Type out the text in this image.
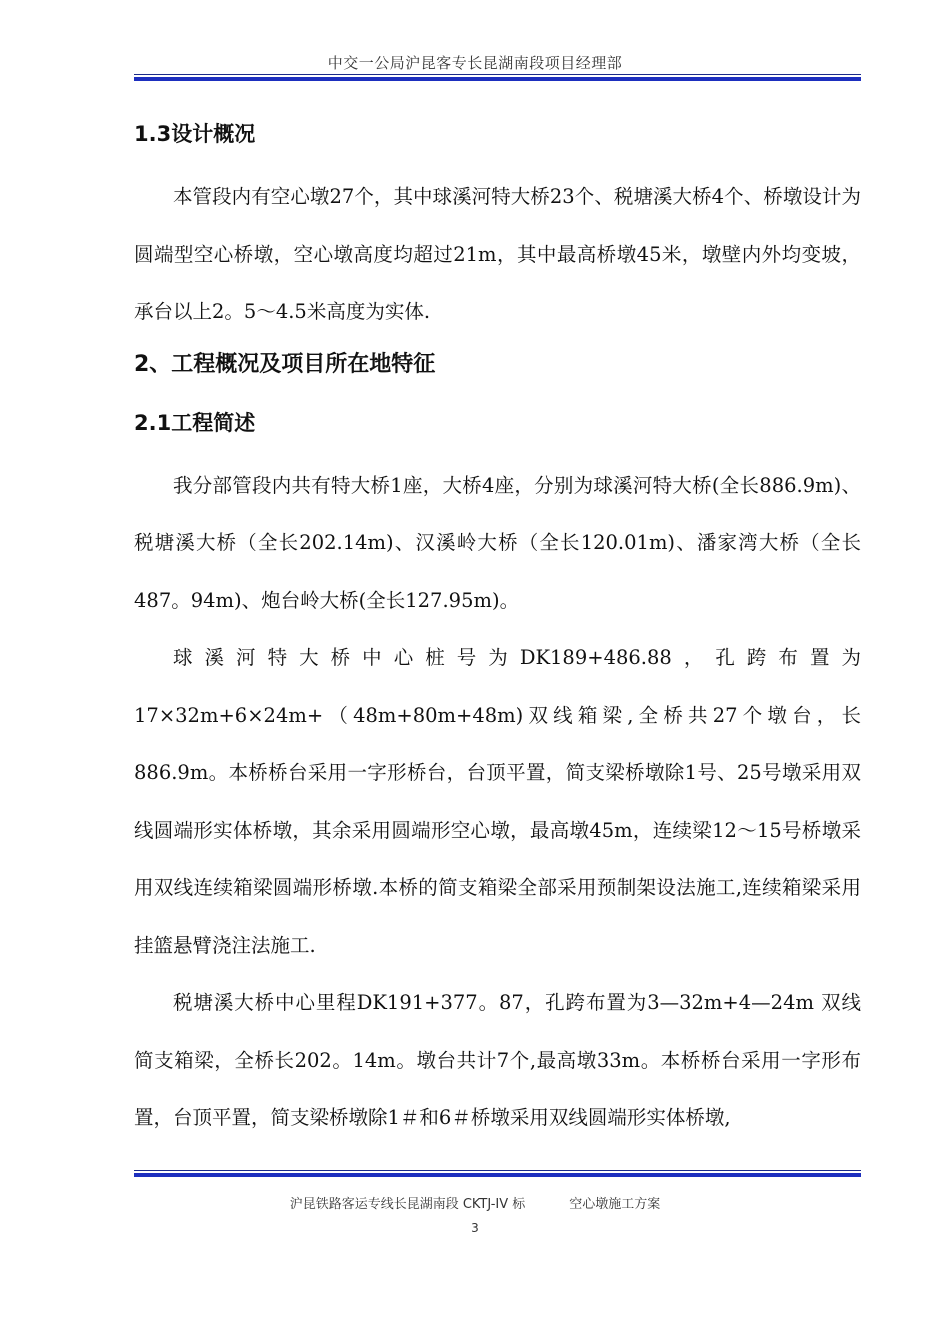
中交一公局沪昆客专长昆湖南段项目经理部
1.3设计概况

本管段内有空心墩27个，其中球溪河特大桥23个、税塘溪大桥4个、桥墩设计为圆端型空心桥墩，空心墩高度均超过21m，其中最高桥墩45米，墩壁内外均变坡，承台以上2。5～4.5米高度为实体.

2、工程概况及项目所在地特征
2.1工程简述

我分部管段内共有特大桥1座，大桥4座，分别为球溪河特大桥(全长886.9m)、税塘溪大桥（全长202.14m)、汉溪岭大桥（全长120.01m)、潘家湾大桥（全长487。94m)、炮台岭大桥(全长127.95m)。

球溪河特大桥中心桩号为DK189+486.88，孔跨布置为17×32m+6×24m+（48m+80m+48m)双线箱梁,全桥共27个墩台，长886.9m。本桥桥台采用一字形桥台，台顶平置，简支梁桥墩除1号、25号墩采用双线圆端形实体桥墩，其余采用圆端形空心墩，最高墩45m，连续梁12～15号桥墩采用双线连续箱梁圆端形桥墩.本桥的简支箱梁全部采用预制架设法施工,连续箱梁采用挂篮悬臂浇注法施工.

税塘溪大桥中心里程DK191+377。87，孔跨布置为3—32m+4—24m 双线简支箱梁，全桥长202。14m。墩台共计7个,最高墩33m。本桥桥台采用一字形布置，台顶平置，简支梁桥墩除1＃和6＃桥墩采用双线圆端形实体桥墩,

沪昆铁路客运专线长昆湖南段 CKTJ-IV 标	空心墩施工方案
3
